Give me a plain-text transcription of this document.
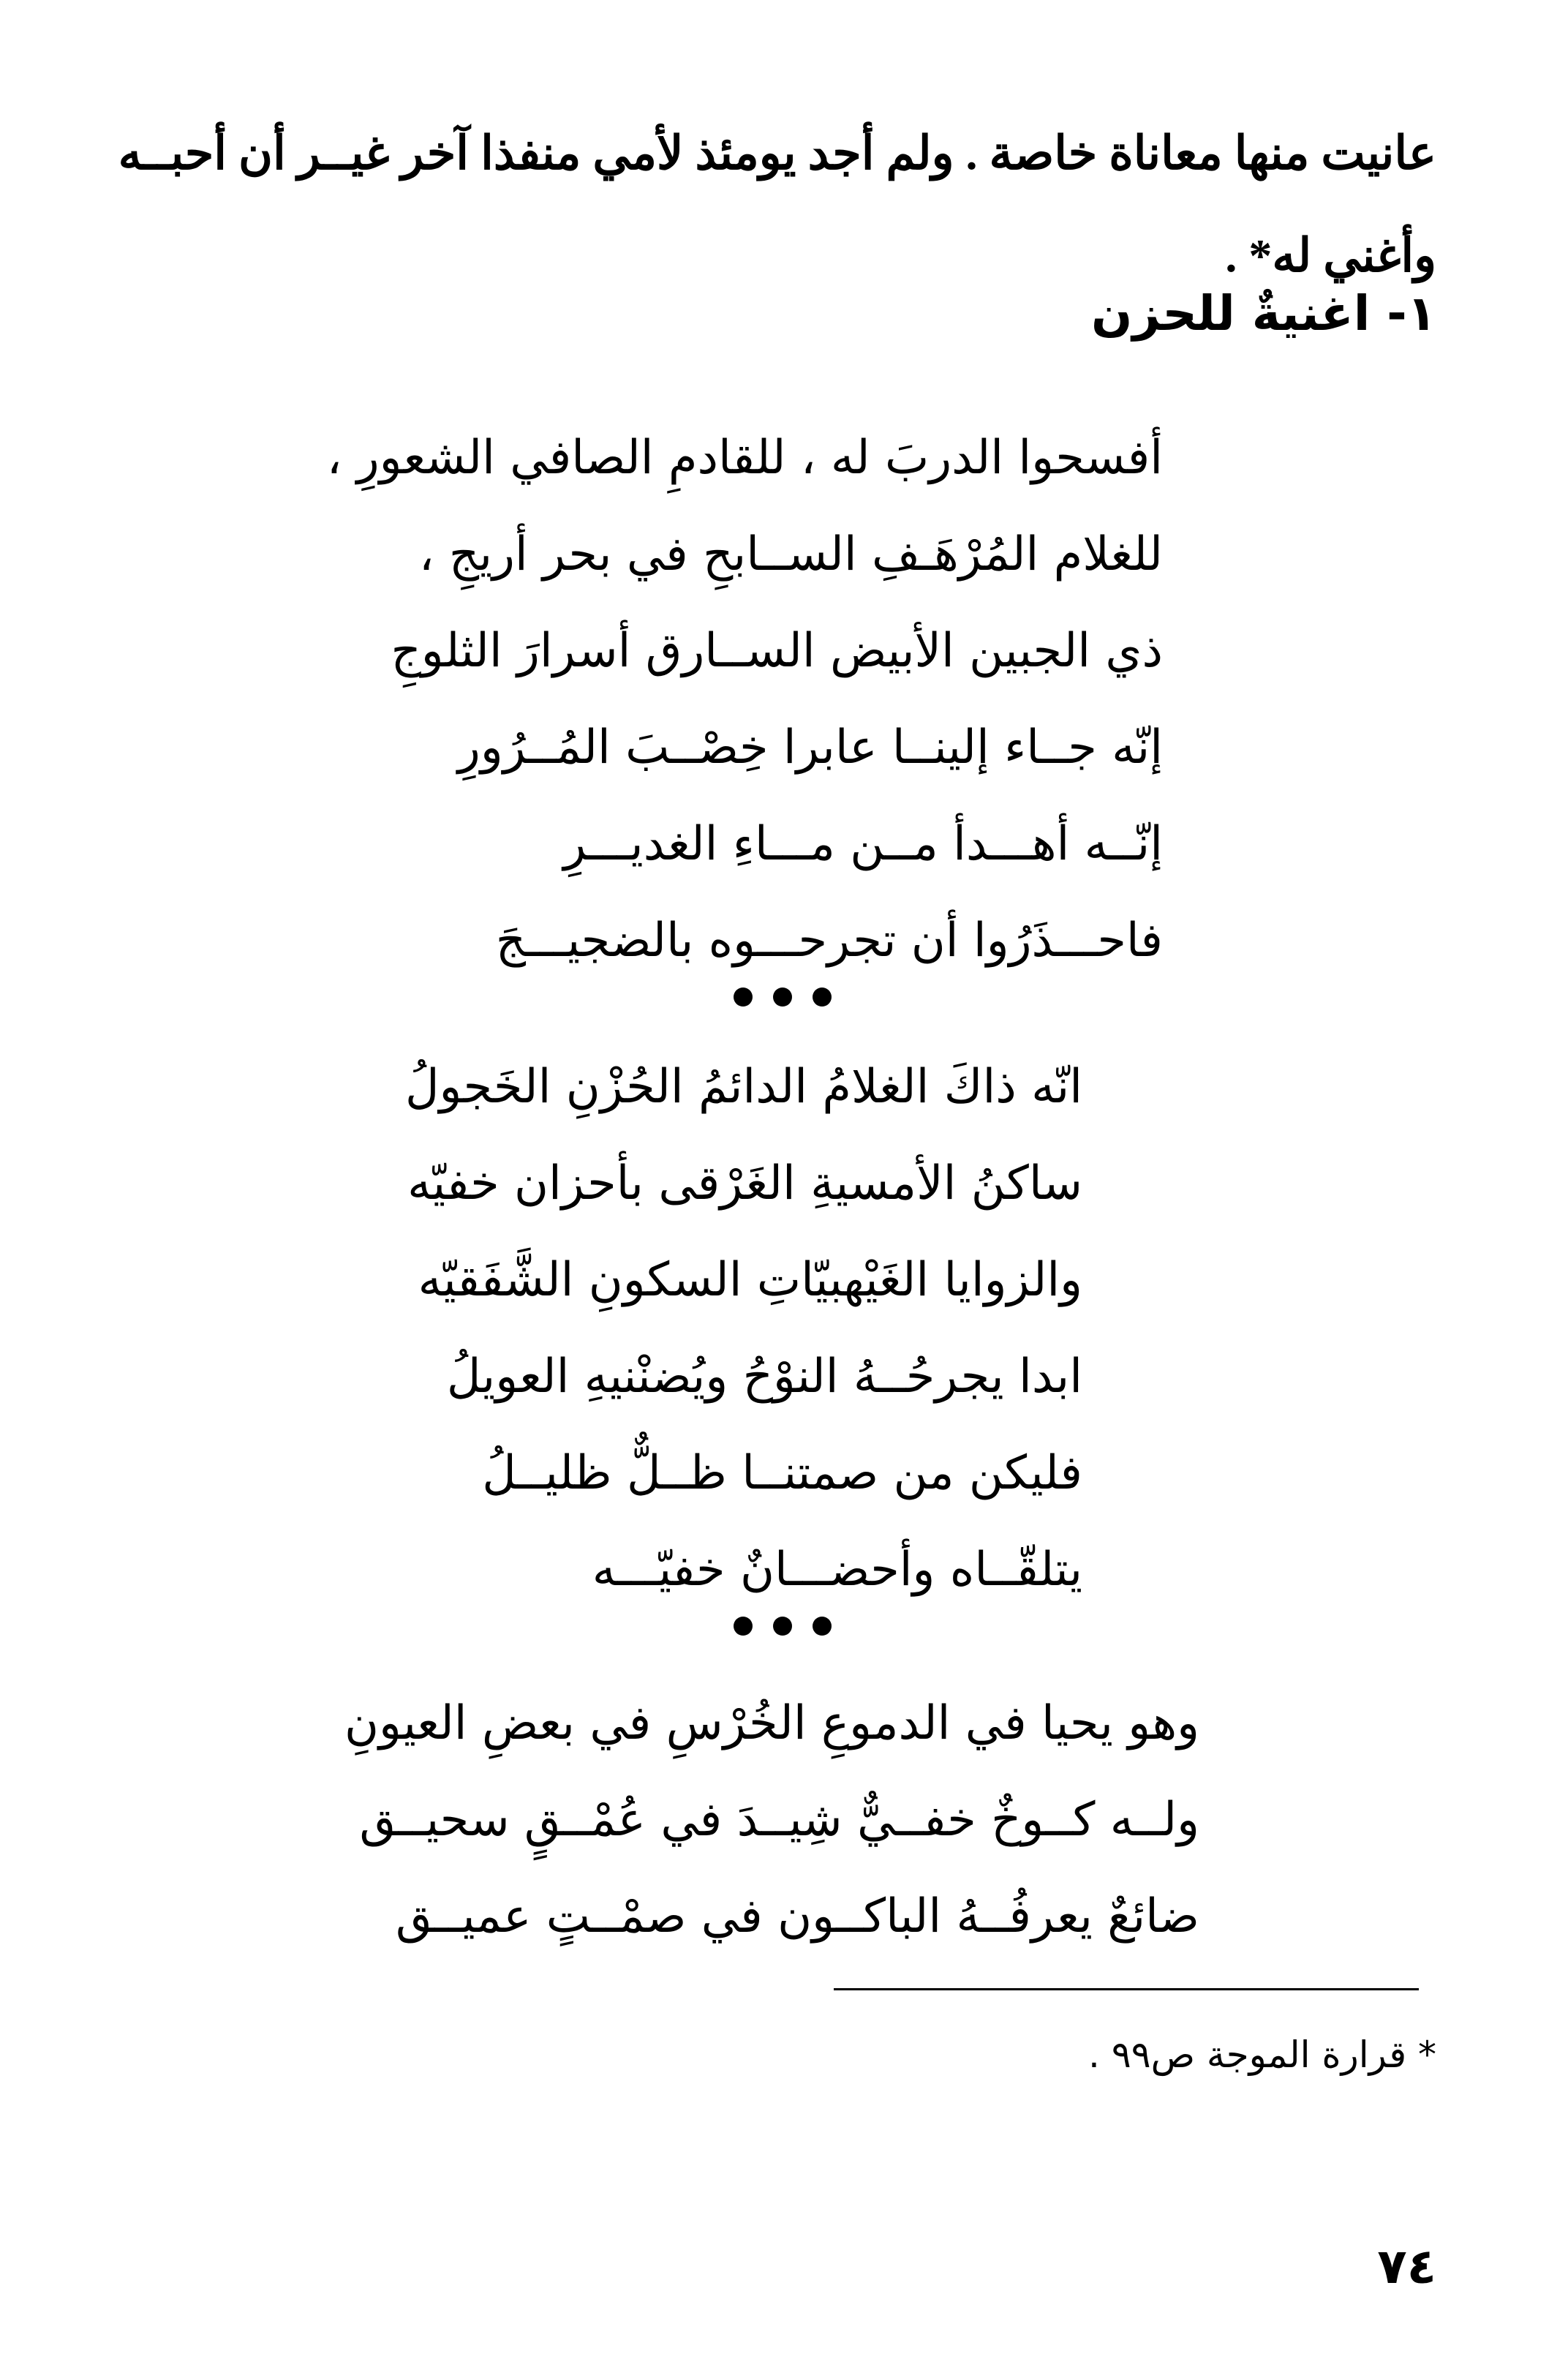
عانيت منها معاناة خاصة . ولم أجد يومئذ لأمي منفذا آخر غيــر أن أحبــه
وأغني له* .
١- اغنيةٌ للحزن
أفسحوا الدربَ له ، للقادمِ الصافي الشعورِ ،
للغلام المُرْهَـفِ الســابحِ في بحر أريجِ ،
ذي الجبين الأبيض الســارق أسرارَ الثلوجِ
إنّه جــاء إلينــا عابرا خِصْــبَ المُــرُورِ
إنّــه أهـــدأ مــن مـــاءِ الغديـــرِ
فاحـــذَرُوا أن تجرحـــوه بالضجيـــجَ
انّه ذاكَ الغلامُ الدائمُ الحُزْنِ الخَجولُ
ساكنُ الأمسيةِ الغَرْقى بأحزان خفيّه
والزوايا الغَيْهبيّاتِ السكونِ الشَّفَقيّه
ابدا يجرحُــهُ النوْحُ ويُضنْنيهِ العويلُ
فليكن من صمتنــا ظــلٌّ ظليــلُ
يتلقّــاه وأحضـــانٌ خفيّـــه
وهو يحيا في الدموعِ الخُرْسِ في بعضِ العيونِ
ولــه كــوخٌ خفــيٌّ شِيــدَ في عُمْــقٍ سحيــق
ضائعٌ يعرفُــهُ الباكــون في صمْــتٍ عميــق
* قرارة الموجة ص٩٩ .
٧٤
